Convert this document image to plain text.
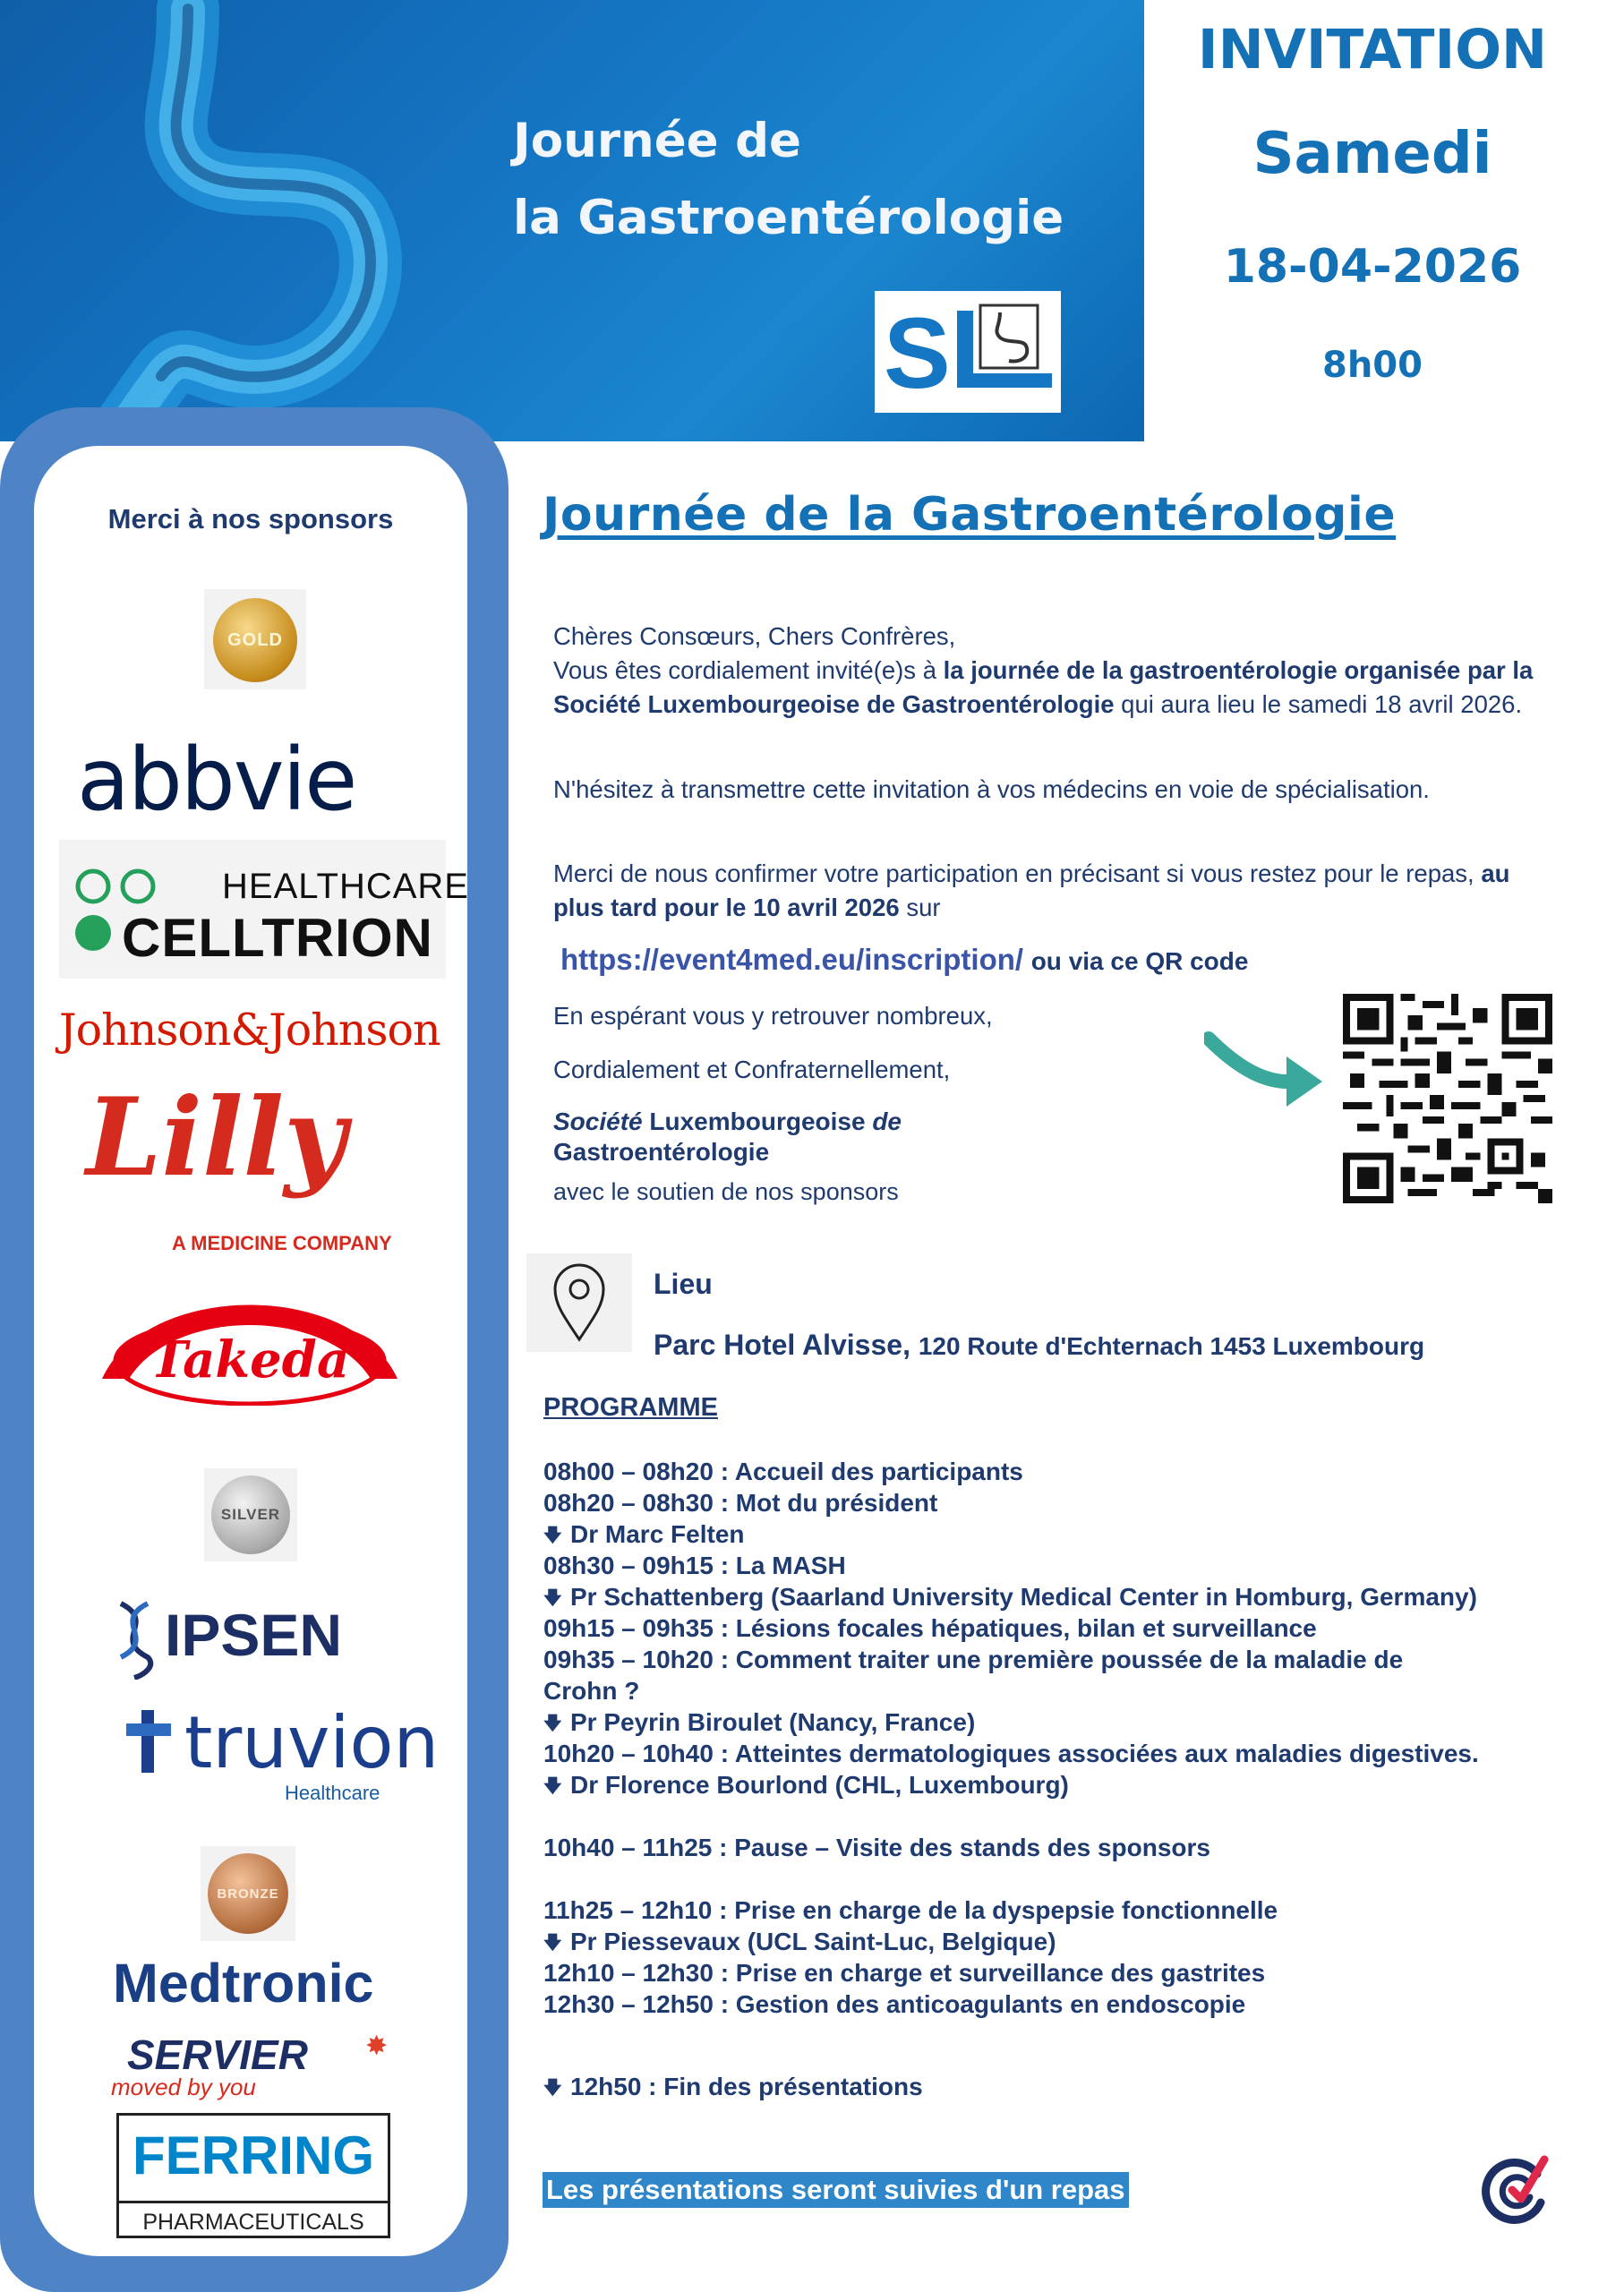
Journée de
la Gastroentérologie
S
INVITATION
Samedi
18-04-2026
8h00
Merci à nos sponsors
GOLD
abbvie
HEALTHCARE
CELLTRION
Johnson&Johnson
Lilly
A MEDICINE COMPANY
Takeda
SILVER
IPSEN
truvion
Healthcare
BRONZE
Medtronic
SERVIER
moved by you
✸
FERRING
PHARMACEUTICALS
Journée de la Gastroentérologie
Chères Consœurs, Chers Confrères,
Vous êtes cordialement invité(e)s à la journée de la gastroentérologie organisée par la Société Luxembourgeoise de Gastroentérologie qui aura lieu le samedi 18 avril 2026.
N'hésitez à transmettre cette invitation à vos médecins en voie de spécialisation.
Merci de nous confirmer votre participation en précisant si vous restez pour le repas, au plus tard pour le 10 avril 2026 sur
https://event4med.eu/inscription/ ou via ce QR code
En espérant vous y retrouver nombreux,
Cordialement et Confraternellement,
Société Luxembourgeoise de
Gastroentérologie
avec le soutien de nos sponsors
Lieu
Parc Hotel Alvisse, 120 Route d'Echternach 1453 Luxembourg
PROGRAMME
08h00 – 08h20 : Accueil des participants
08h20 – 08h30 : Mot du président
🡇 Dr Marc Felten
08h30 – 09h15 : La MASH
🡇 Pr Schattenberg (Saarland University Medical Center in Homburg, Germany)
09h15 – 09h35 : Lésions focales hépatiques, bilan et surveillance
09h35 – 10h20 : Comment traiter une première poussée de la maladie de
Crohn ?
🡇 Pr Peyrin Biroulet (Nancy, France)
10h20 – 10h40 : Atteintes dermatologiques associées aux maladies digestives.
🡇 Dr Florence Bourlond (CHL, Luxembourg)
10h40 – 11h25 : Pause – Visite des stands des sponsors
11h25 – 12h10 : Prise en charge de la dyspepsie fonctionnelle
🡇 Pr Piessevaux (UCL Saint-Luc, Belgique)
12h10 – 12h30 : Prise en charge et surveillance des gastrites
12h30 – 12h50 : Gestion des anticoagulants en endoscopie
🡇 12h50 : Fin des présentations
Les présentations seront suivies d'un repas
